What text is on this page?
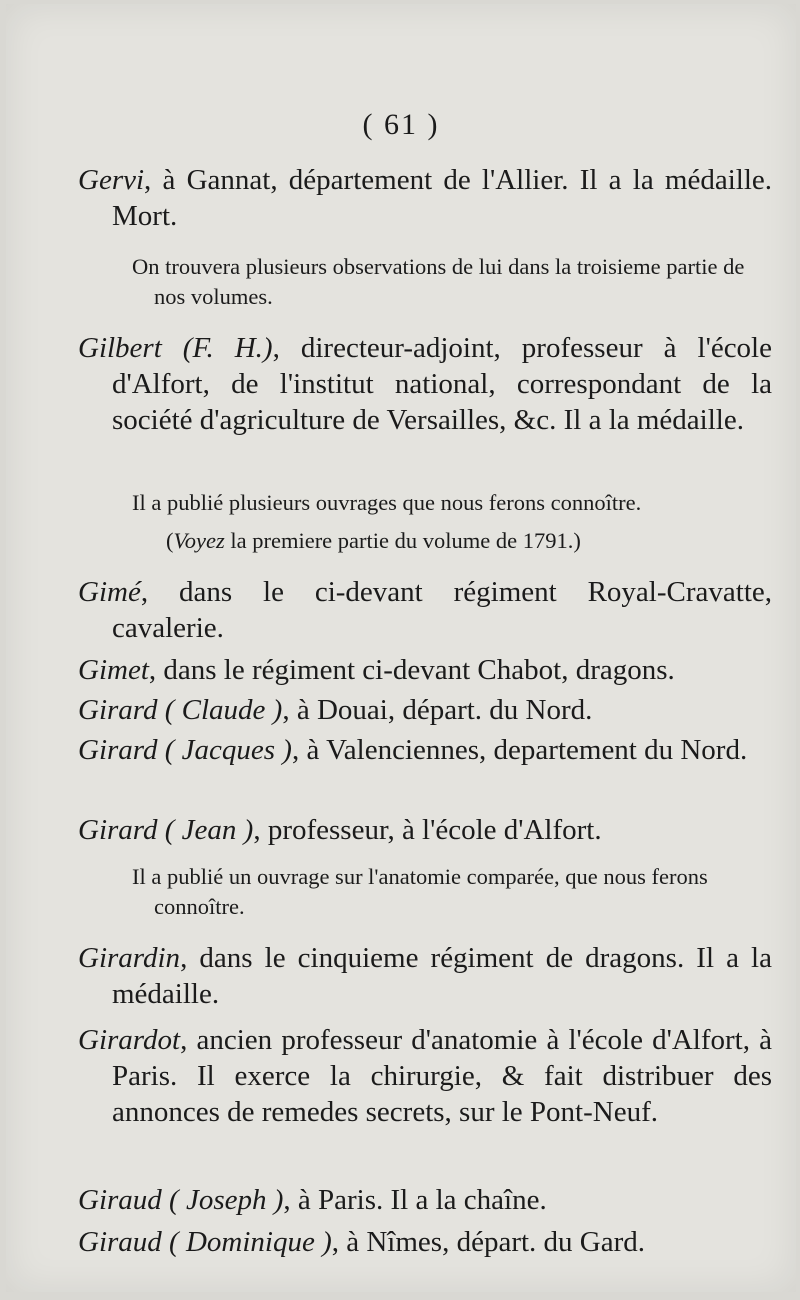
( 61 )
Gervi, à Gannat, département de l'Allier. Il a la médaille. Mort.
On trouvera plusieurs observations de lui dans la troisieme partie de nos volumes.
Gilbert (F. H.), directeur-adjoint, professeur à l'école d'Alfort, de l'institut national, correspondant de la société d'agriculture de Versailles, &c. Il a la médaille.
Il a publié plusieurs ouvrages que nous ferons connoître.
(Voyez la premiere partie du volume de 1791.)
Gimé, dans le ci-devant régiment Royal-Cravatte, cavalerie.
Gimet, dans le régiment ci-devant Chabot, dragons.
Girard ( Claude ), à Douai, départ. du Nord.
Girard ( Jacques ), à Valenciennes, departement du Nord.
Girard ( Jean ), professeur, à l'école d'Alfort.
Il a publié un ouvrage sur l'anatomie comparée, que nous ferons connoître.
Girardin, dans le cinquieme régiment de dragons. Il a la médaille.
Girardot, ancien professeur d'anatomie à l'école d'Alfort, à Paris. Il exerce la chirurgie, & fait distribuer des annonces de remedes secrets, sur le Pont-Neuf.
Giraud ( Joseph ), à Paris. Il a la chaîne.
Giraud ( Dominique ), à Nîmes, départ. du Gard.
